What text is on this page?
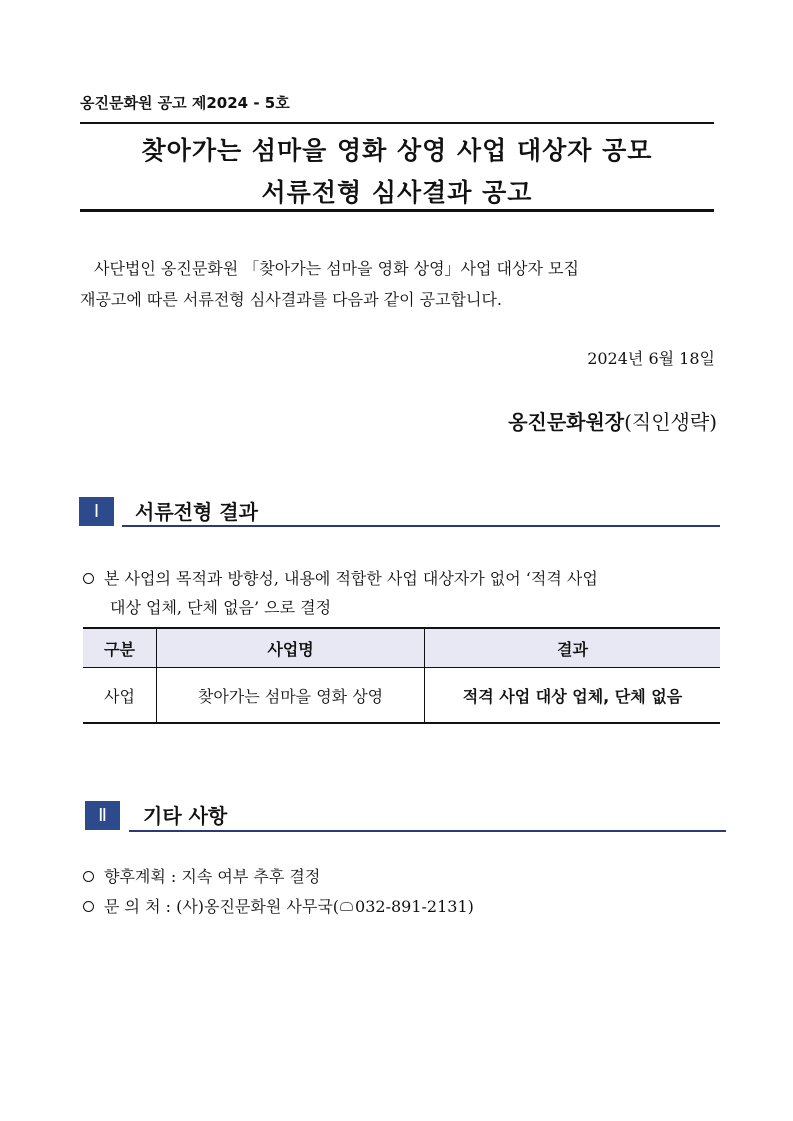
옹진문화원 공고 제2024 - 5호
찾아가는 섬마을 영화 상영 사업 대상자 공모
서류전형 심사결과 공고
사단법인 옹진문화원 「찾아가는 섬마을 영화 상영」사업 대상자 모집
재공고에 따른 서류전형 심사결과를 다음과 같이 공고합니다.
2024년 6월 18일
옹진문화원장(직인생략)
Ⅰ	서류전형 결과
본 사업의 목적과 방향성, 내용에 적합한 사업 대상자가 없어 ‘적격 사업
대상 업체, 단체 없음’ 으로 결정
구분	사업명	결과
사업	찾아가는 섬마을 영화 상영	적격 사업 대상 업체, 단체 없음
Ⅱ	기타 사항
향후계획 : 지속 여부 추후 결정
문 의 처 : (사)옹진문화원 사무국( 032-891-2131)
